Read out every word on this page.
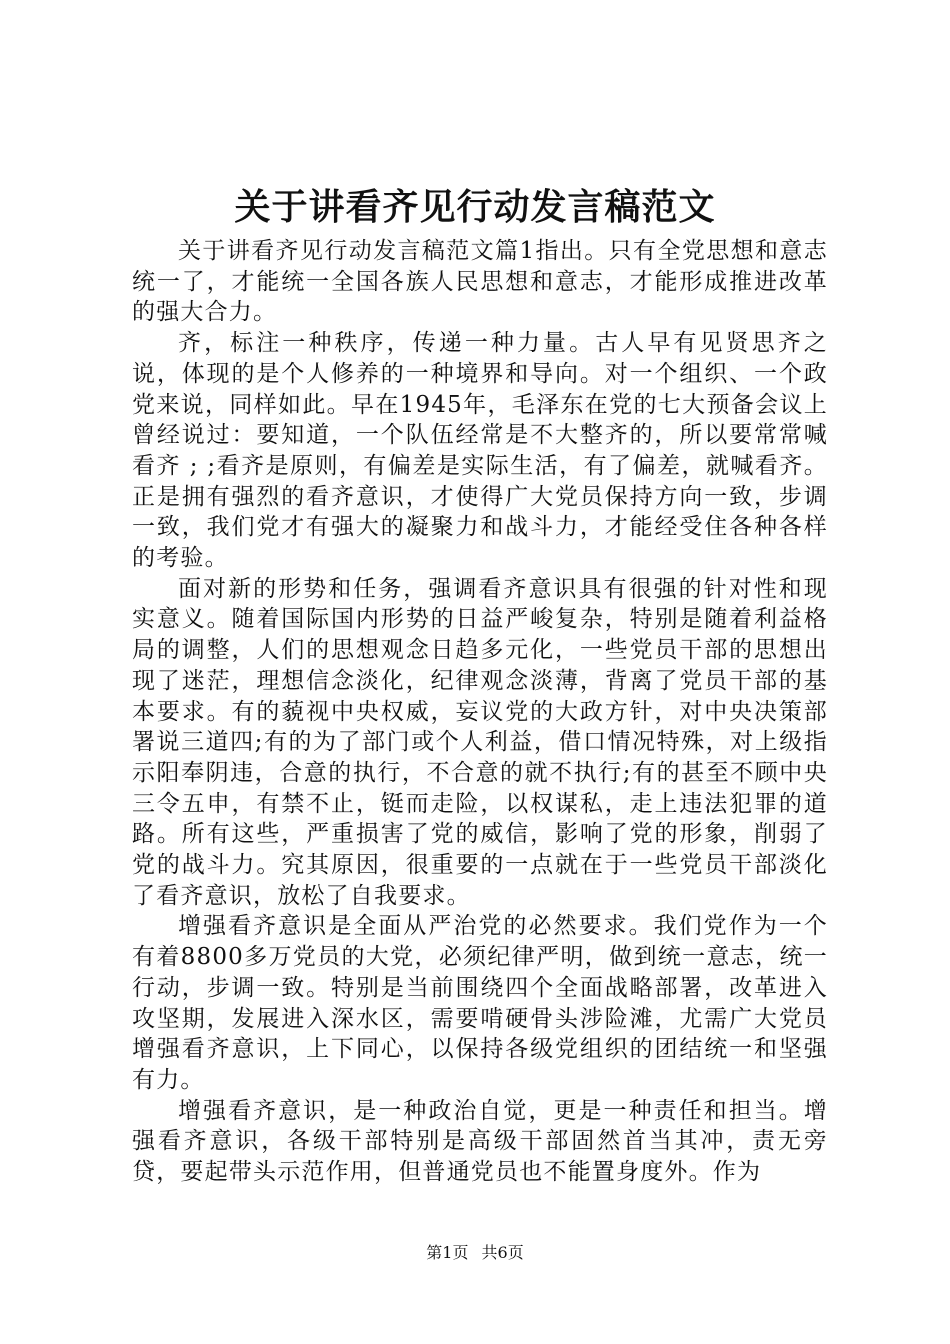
关于讲看齐见行动发言稿范文

关于讲看齐见行动发言稿范文篇1指出。只有全党思想和意志统一了，才能统一全国各族人民思想和意志，才能形成推进改革的强大合力。

齐，标注一种秩序，传递一种力量。古人早有见贤思齐之说，体现的是个人修养的一种境界和导向。对一个组织、一个政党来说，同样如此。早在1945年，毛泽东在党的七大预备会议上曾经说过：要知道，一个队伍经常是不大整齐的，所以要常常喊看齐 ; ;看齐是原则，有偏差是实际生活，有了偏差，就喊看齐。正是拥有强烈的看齐意识，才使得广大党员保持方向一致，步调一致，我们党才有强大的凝聚力和战斗力，才能经受住各种各样的考验。

面对新的形势和任务，强调看齐意识具有很强的针对性和现实意义。随着国际国内形势的日益严峻复杂，特别是随着利益格局的调整，人们的思想观念日趋多元化，一些党员干部的思想出现了迷茫，理想信念淡化，纪律观念淡薄，背离了党员干部的基本要求。有的藐视中央权威，妄议党的大政方针，对中央决策部署说三道四;有的为了部门或个人利益，借口情况特殊，对上级指示阳奉阴违，合意的执行，不合意的就不执行;有的甚至不顾中央三令五申，有禁不止，铤而走险，以权谋私，走上违法犯罪的道路。所有这些，严重损害了党的威信，影响了党的形象，削弱了党的战斗力。究其原因，很重要的一点就在于一些党员干部淡化了看齐意识，放松了自我要求。

增强看齐意识是全面从严治党的必然要求。我们党作为一个有着8800多万党员的大党，必须纪律严明，做到统一意志，统一行动，步调一致。特别是当前围绕四个全面战略部署，改革进入攻坚期，发展进入深水区，需要啃硬骨头涉险滩，尤需广大党员增强看齐意识，上下同心，以保持各级党组织的团结统一和坚强有力。

增强看齐意识，是一种政治自觉，更是一种责任和担当。增强看齐意识，各级干部特别是高级干部固然首当其冲，责无旁贷，要起带头示范作用，但普通党员也不能置身度外。作为

第1页 共6页
